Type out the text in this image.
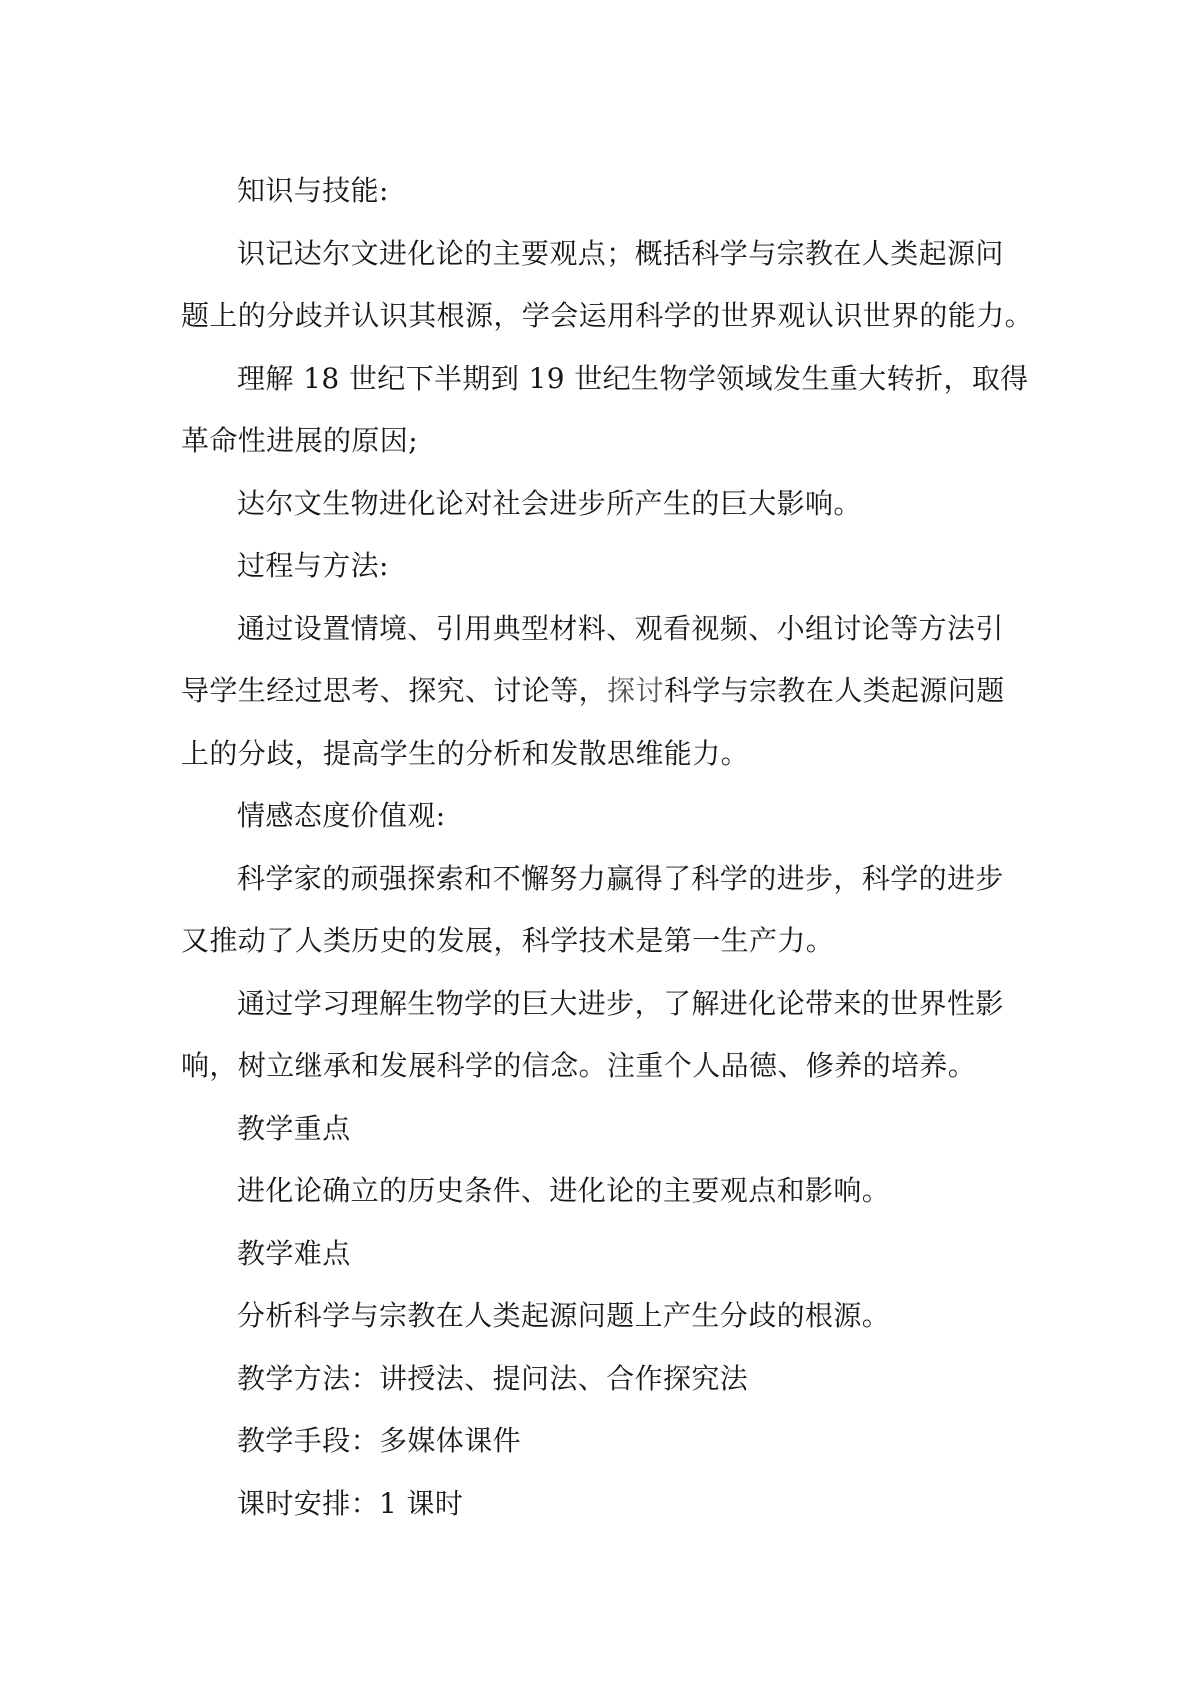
知识与技能:

识记达尔文进化论的主要观点；概括科学与宗教在人类起源问
题上的分歧并认识其根源，学会运用科学的世界观认识世界的能力。
理解 18 世纪下半期到 19 世纪生物学领域发生重大转折，取得
革命性进展的原因;

达尔文生物进化论对社会进步所产生的巨大影响。

过程与方法:

通过设置情境、引用典型材料、观看视频、小组讨论等方法引

导学生经过思考、探究、讨论等，探讨科学与宗教在人类起源问题

上的分歧，提高学生的分析和发散思维能力。

情感态度价值观:

科学家的顽强探索和不懈努力赢得了科学的进步，科学的进步
又推动了人类历史的发展，科学技术是第一生产力。
通过学习理解生物学的巨大进步，了解进化论带来的世界性影
响，树立继承和发展科学的信念。注重个人品德、修养的培养。

教学重点

进化论确立的历史条件、进化论的主要观点和影响。

教学难点

分析科学与宗教在人类起源问题上产生分歧的根源。

教学方法：讲授法、提问法、合作探究法

教学手段：多媒体课件

课时安排：1 课时
